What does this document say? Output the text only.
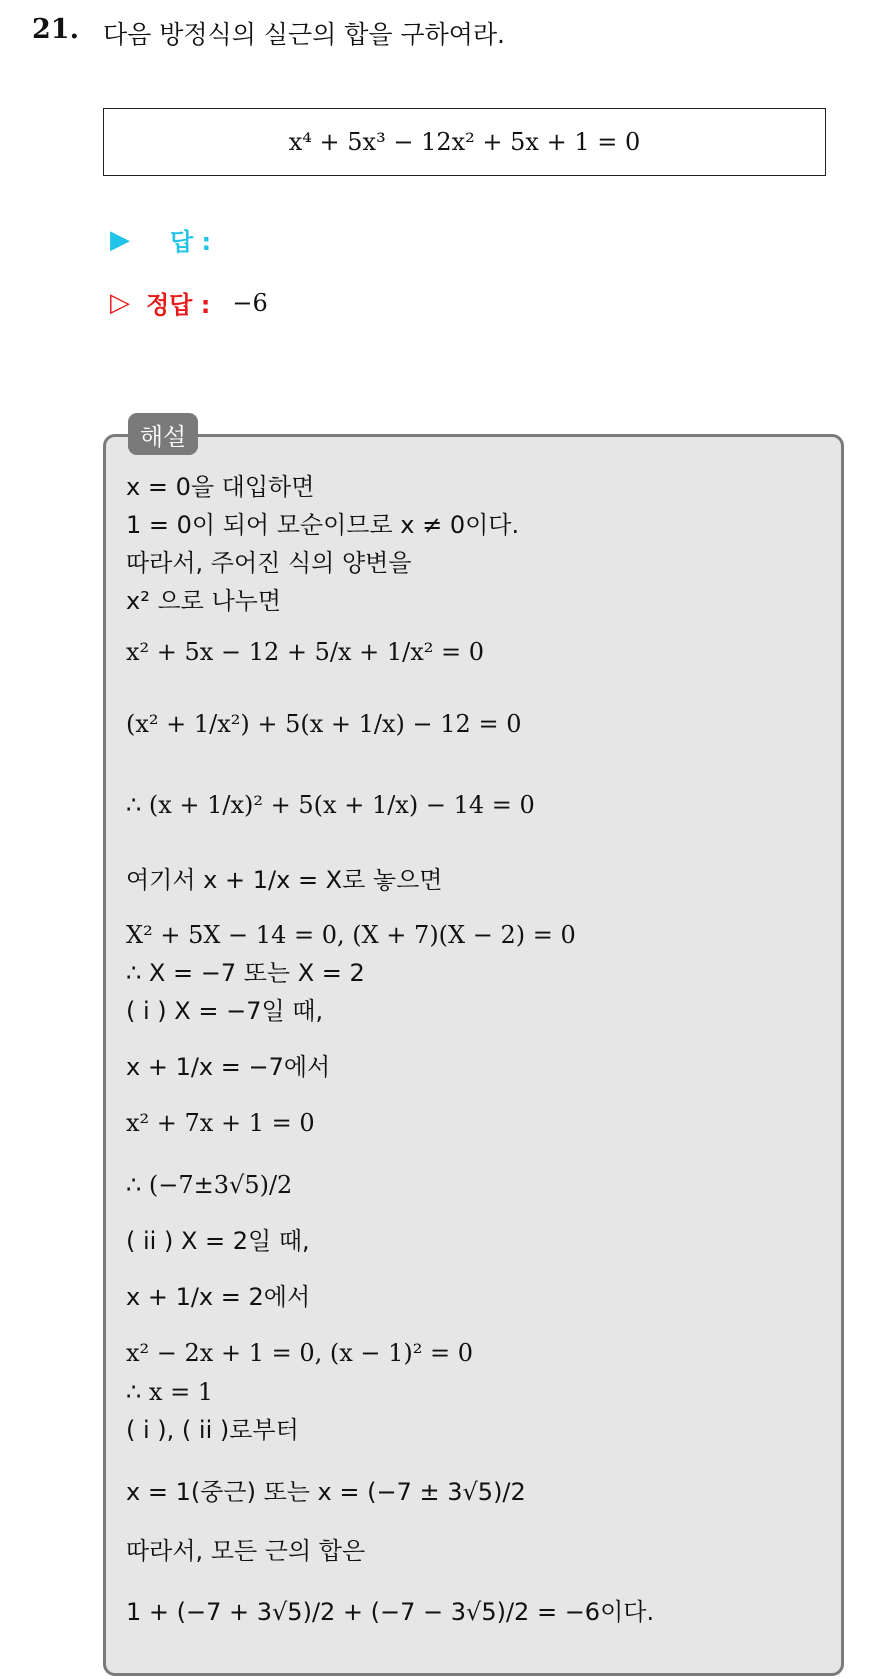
21. 다음 방정식의 실근의 합을 구하여라.
x⁴ + 5x³ − 12x² + 5x + 1 = 0
▶	답 :
▷ 정답 : −6
해설
x = 0을 대입하면
1 = 0이 되어 모순이므로 x ≠ 0이다.
따라서, 주어진 식의 양변을
x² 으로 나누면
x² + 5x − 12 + 5/x + 1/x² = 0
(x² + 1/x²) + 5(x + 1/x) − 12 = 0
∴ (x + 1/x)² + 5(x + 1/x) − 14 = 0
여기서 x + 1/x = X로 놓으면
X² + 5X − 14 = 0, (X + 7)(X − 2) = 0
∴ X = −7 또는 X = 2
( i ) X = −7일 때,
x + 1/x = −7에서
x² + 7x + 1 = 0
∴ (−7±3√5)/2
( ii ) X = 2일 때,
x + 1/x = 2에서
x² − 2x + 1 = 0, (x − 1)² = 0
∴ x = 1
( i ), ( ii )로부터
x = 1(중근) 또는 x = (−7 ± 3√5)/2
따라서, 모든 근의 합은
1 + (−7 + 3√5)/2 + (−7 − 3√5)/2 = −6이다.
